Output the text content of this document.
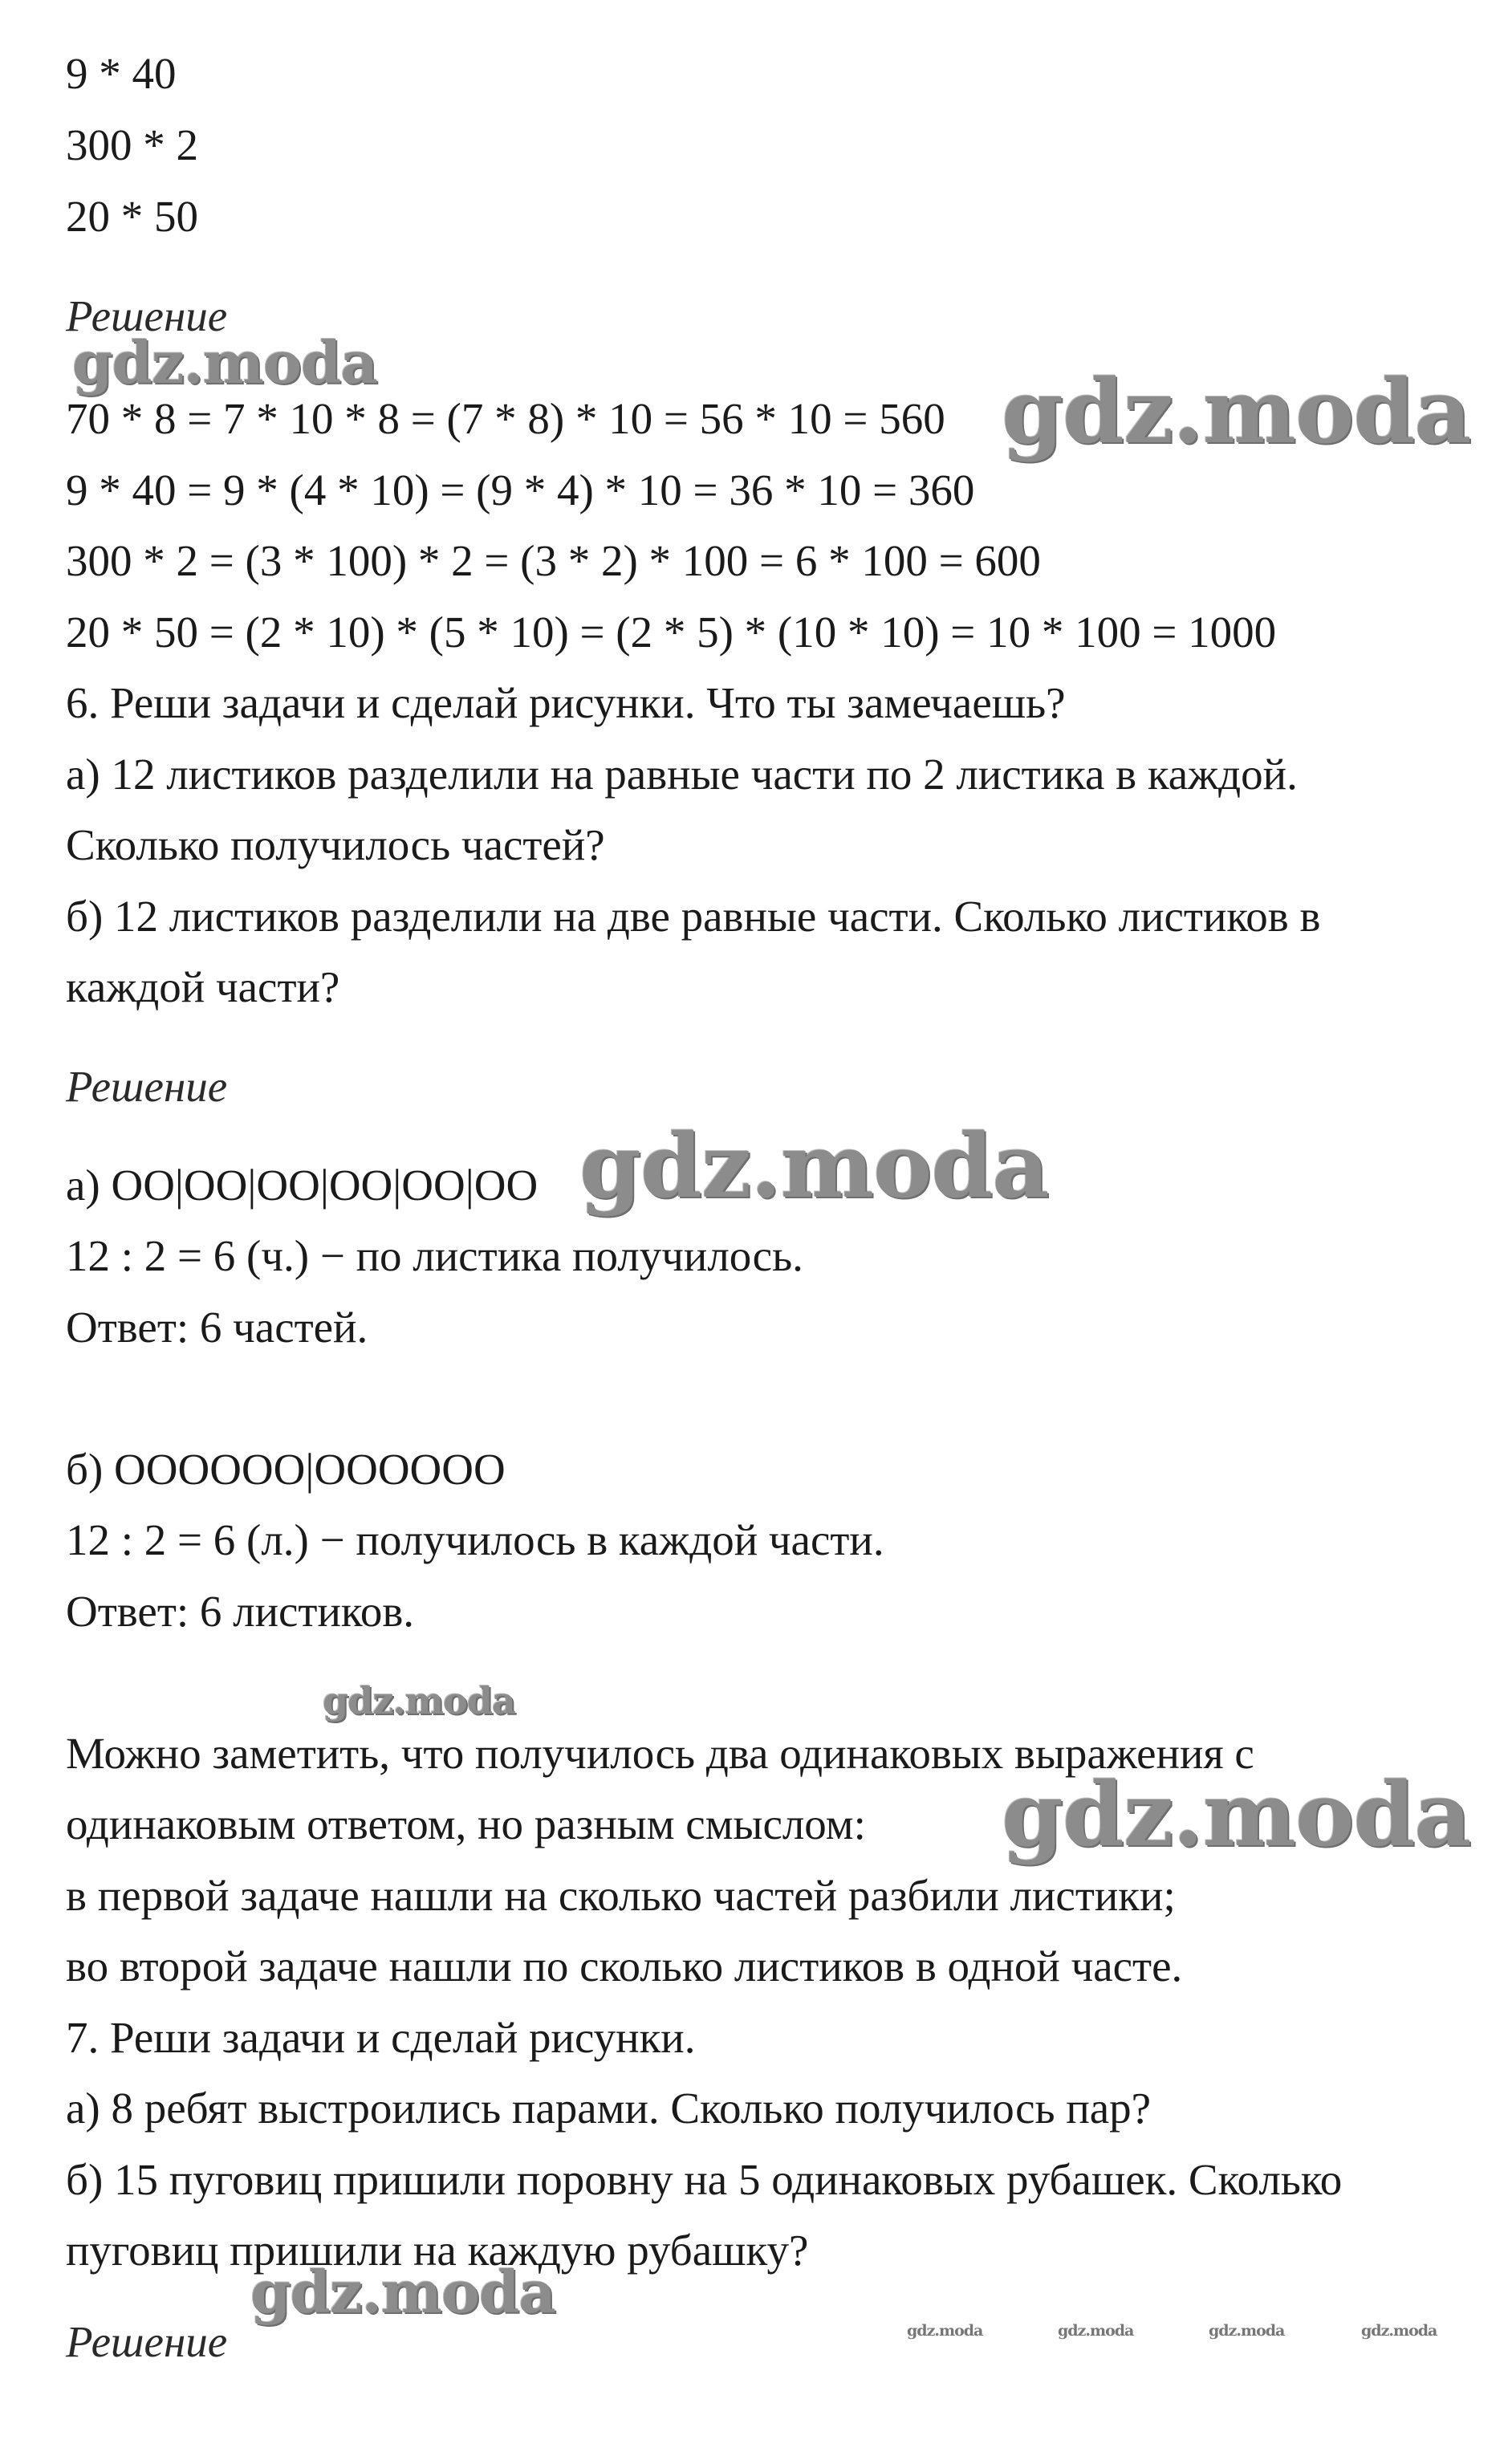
9 * 40
300 * 2
20 * 50
Решение
70 * 8 = 7 * 10 * 8 = (7 * 8) * 10 = 56 * 10 = 560
9 * 40 = 9 * (4 * 10) = (9 * 4) * 10 = 36 * 10 = 360
300 * 2 = (3 * 100) * 2 = (3 * 2) * 100 = 6 * 100 = 600
20 * 50 = (2 * 10) * (5 * 10) = (2 * 5) * (10 * 10) = 10 * 100 = 1000
6. Реши задачи и сделай рисунки. Что ты замечаешь?
а) 12 листиков разделили на равные части по 2 листика в каждой.
Сколько получилось частей?
б) 12 листиков разделили на две равные части. Сколько листиков в
каждой части?
Решение
а) ОО|ОО|ОО|ОО|ОО|ОО
12 : 2 = 6 (ч.) − по листика получилось.
Ответ: 6 частей.
б) ОООООО|ОООООО
12 : 2 = 6 (л.) − получилось в каждой части.
Ответ: 6 листиков.
Можно заметить, что получилось два одинаковых выражения с
одинаковым ответом, но разным смыслом:
в первой задаче нашли на сколько частей разбили листики;
во второй задаче нашли по сколько листиков в одной часте.
7. Реши задачи и сделай рисунки.
а) 8 ребят выстроились парами. Сколько получилось пар?
б) 15 пуговиц пришили поровну на 5 одинаковых рубашек. Сколько
пуговиц пришили на каждую рубашку?
Решение
gdz.moda	gdz.moda
gdz.moda
gdz.moda
gdz.moda
gdz.moda
gdz.moda	gdz.moda	gdz.moda	gdz.moda
